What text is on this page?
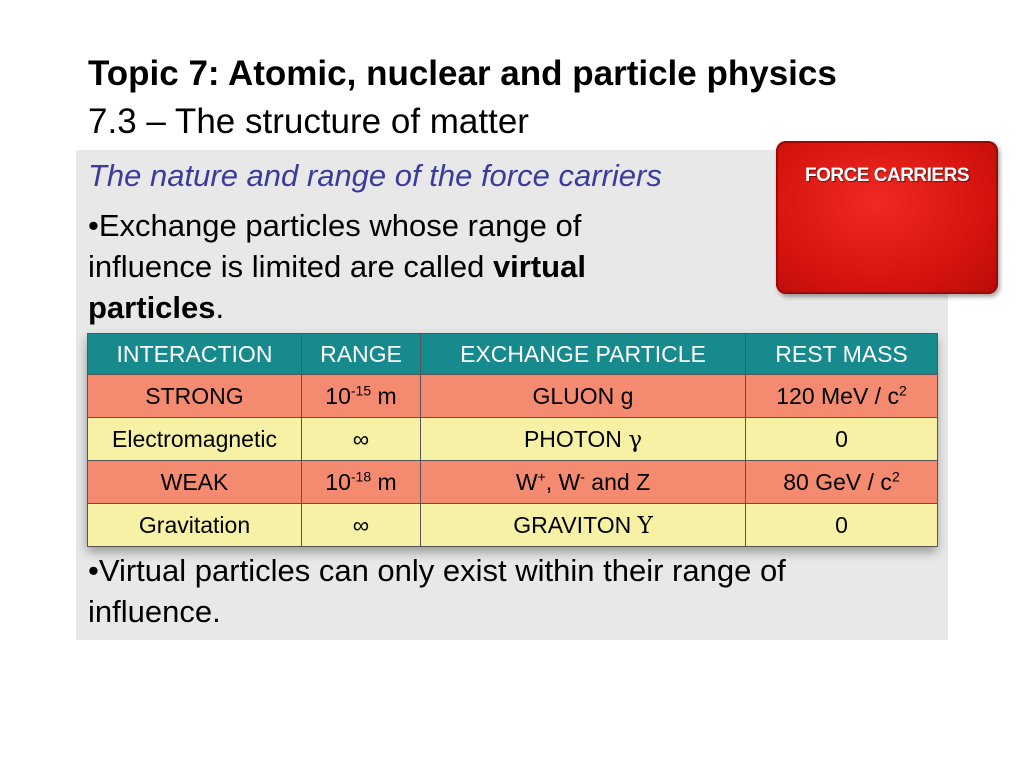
Topic 7: Atomic, nuclear and particle physics
7.3 – The structure of matter
The nature and range of the force carriers
•Exchange particles whose range of influence is limited are called virtual particles.
FORCE CARRIERS
INTERACTION	RANGE	EXCHANGE PARTICLE	REST MASS
STRONG	$10^{-15}$ m	GLUON g	120 MeV / $c^2$
Electromagnetic	∞	PHOTON γ	0
WEAK	$10^{-18}$ m	W+, W- and Z	80 GeV / $c^2$
Gravitation	∞	GRAVITON Υ	0
•Virtual particles can only exist within their range of influence.
